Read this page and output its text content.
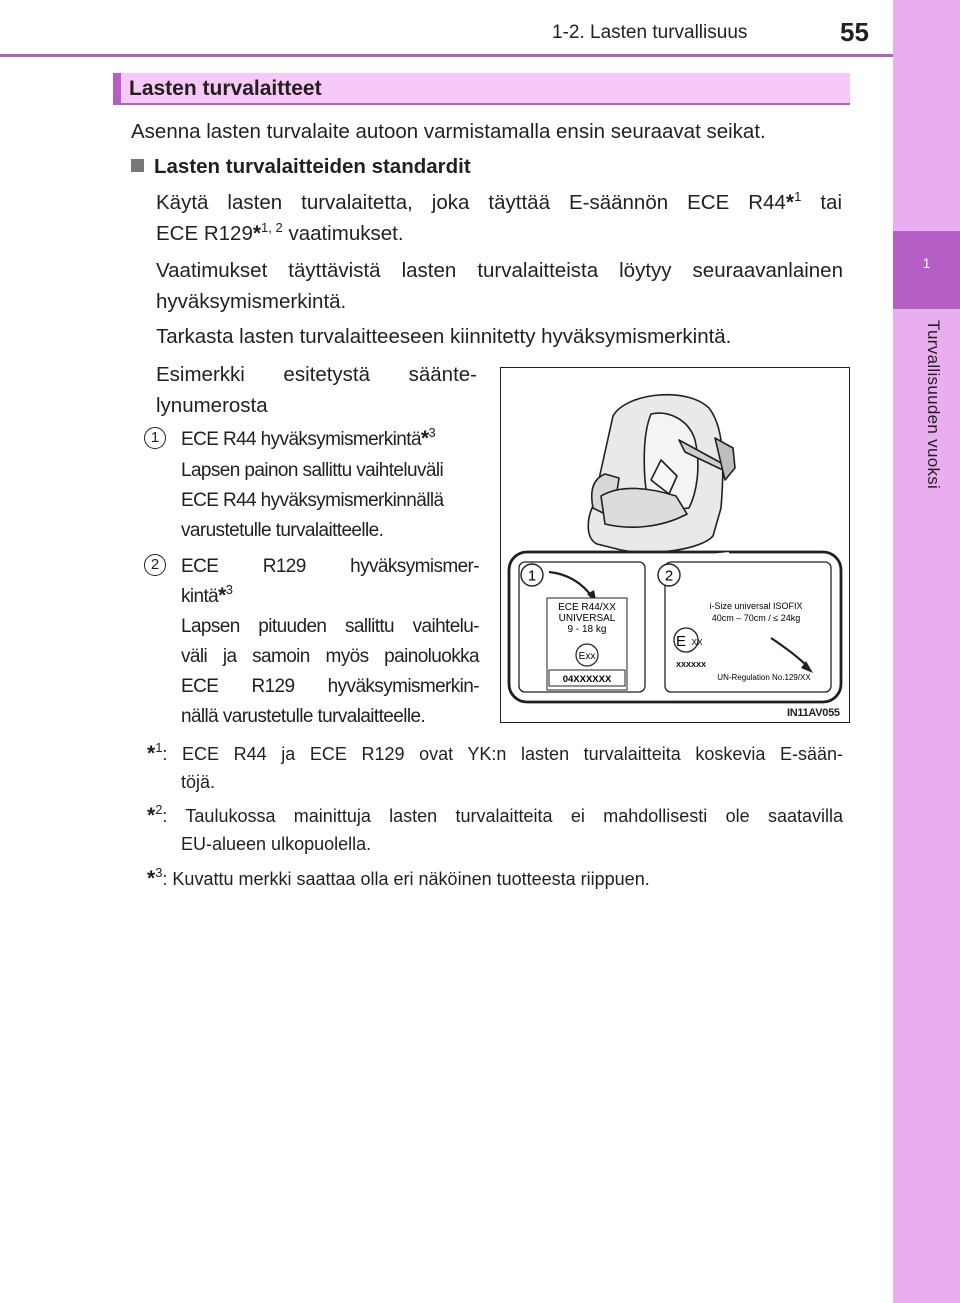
1
Turvallisuuden vuoksi
1-2. Lasten turvallisuus	55
Lasten turvalaitteet
Asenna lasten turvalaite autoon varmistamalla ensin seuraavat seikat.
Lasten turvalaitteiden standardit
Käytä lasten turvalaitetta, joka täyttää E-säännön ECE R44*$^1$ tai
ECE R129*$^{1, 2}$ vaatimukset.
Vaatimukset täyttävistä lasten turvalaitteista löytyy seuraavanlainen
hyväksymismerkintä.
Tarkasta lasten turvalaitteeseen kiinnitetty hyväksymismerkintä.
Esimerkki esitetystä säänte-
lynumerosta
1	ECE R44 hyväksymismerkintä*$^3$
Lapsen painon sallittu vaihteluväli
ECE R44 hyväksymismerkinnällä
varustetulle turvalaitteelle.
2	ECE R129 hyväksymismer-
kintä*$^3$
Lapsen pituuden sallittu vaihtelu-
väli ja samoin myös painoluokka
ECE R129 hyväksymismerkin-
nällä varustetulle turvalaitteelle.
1	2
ECE R44/XX
UNIVERSAL
9 - 18 kg
Exx
04XXXXXX
i-Size universal ISOFIX
40cm – 70cm / ≤ 24kg
E XX
XXXXXX
UN-Regulation No.129/XX
IN11AV055
*$^1$: ECE R44 ja ECE R129 ovat YK:n lasten turvalaitteita koskevia E-sään-
töjä.
*$^2$: Taulukossa mainittuja lasten turvalaitteita ei mahdollisesti ole saatavilla
EU-alueen ulkopuolella.
*$^3$: Kuvattu merkki saattaa olla eri näköinen tuotteesta riippuen.
